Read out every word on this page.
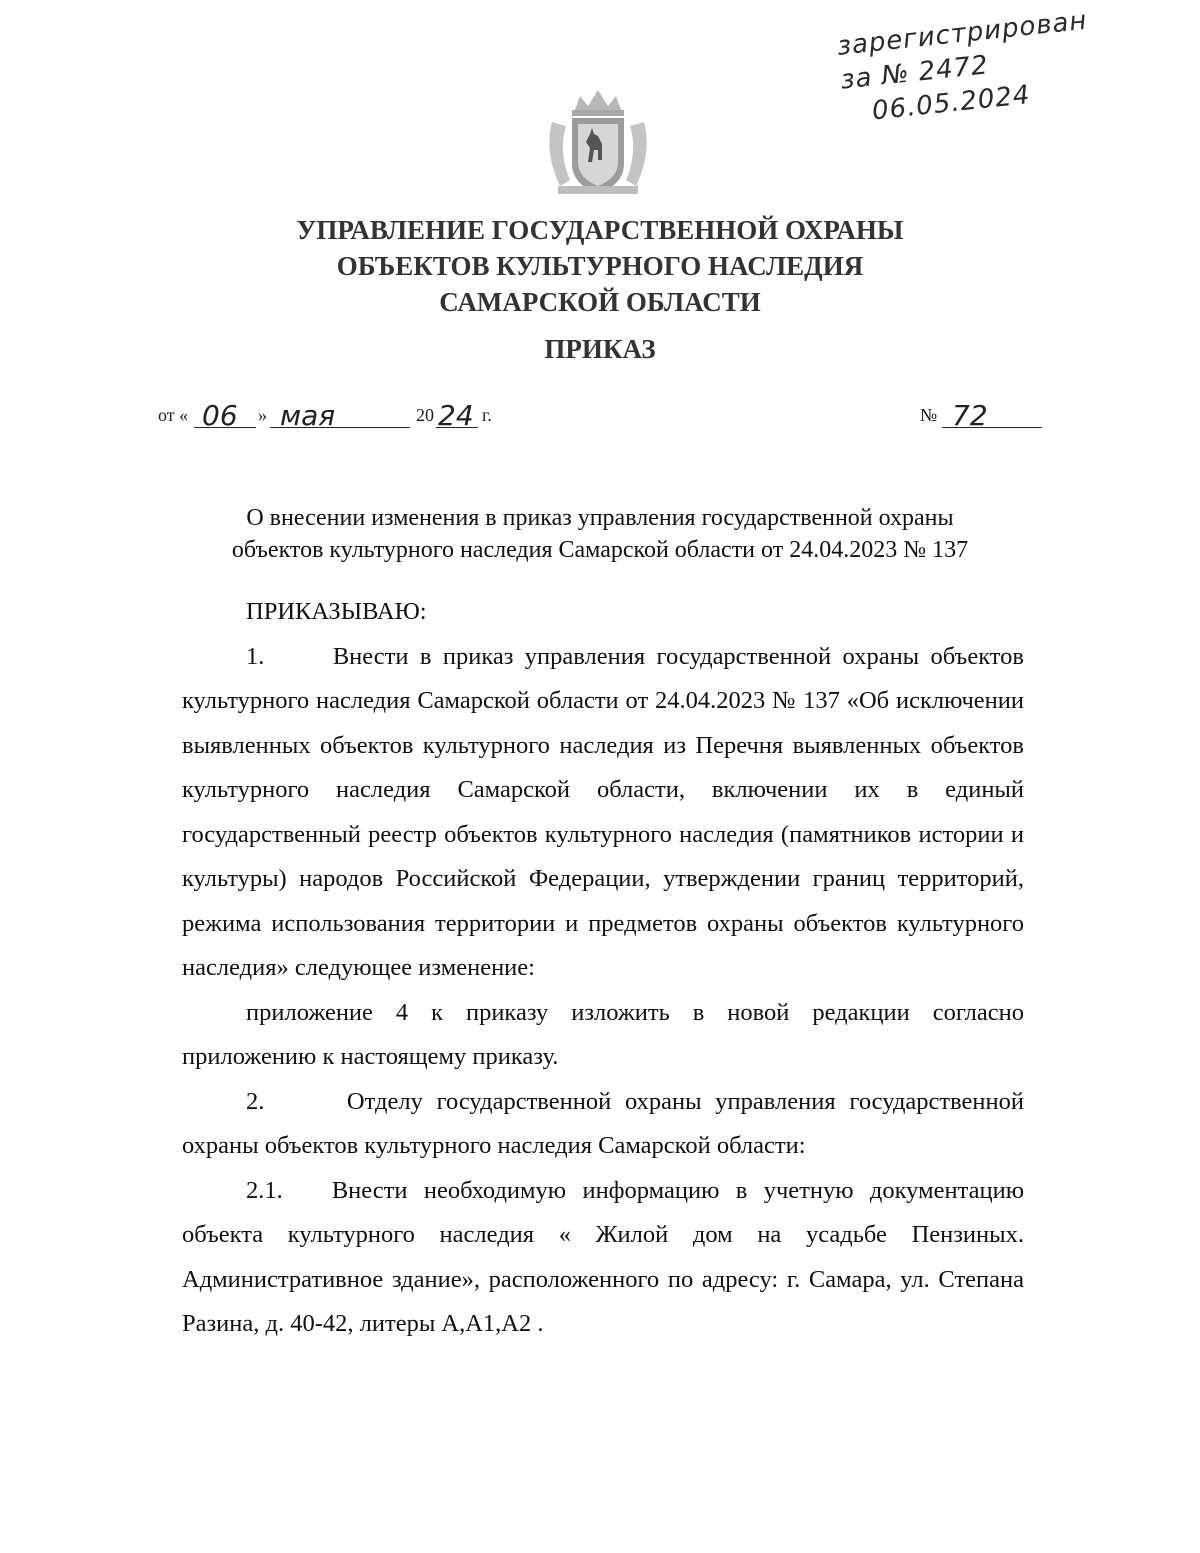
зарегистрирован
за № 2472
06.05.2024
УПРАВЛЕНИЕ ГОСУДАРСТВЕННОЙ ОХРАНЫ
ОБЪЕКТОВ КУЛЬТУРНОГО НАСЛЕДИЯ
САМАРСКОЙ ОБЛАСТИ
ПРИКАЗ
от « 06 » мая	20 24 г.	№ 72
О внесении изменения в приказ управления государственной охраны
объектов культурного наследия Самарской области от 24.04.2023 № 137

ПРИКАЗЫВАЮ:

1.      Внести в приказ управления государственной охраны объектов культурного наследия Самарской области от 24.04.2023 № 137 «Об исключении выявленных объектов культурного наследия из Перечня выявленных объектов культурного наследия Самарской области, включении их в единый государственный реестр объектов культурного наследия (памятников истории и культуры) народов Российской Федерации, утверждении границ территорий, режима использования территории и предметов охраны объектов культурного наследия» следующее изменение:

приложение 4 к приказу изложить в новой редакции согласно приложению к настоящему приказу.

2.      Отделу государственной охраны управления государственной охраны объектов культурного наследия Самарской области:

2.1.   Внести необходимую информацию в учетную документацию объекта культурного наследия « Жилой дом на усадьбе Пензиных. Административное здание», расположенного по адресу: г. Самара, ул. Степана Разина, д. 40-42, литеры А,А1,А2 .
